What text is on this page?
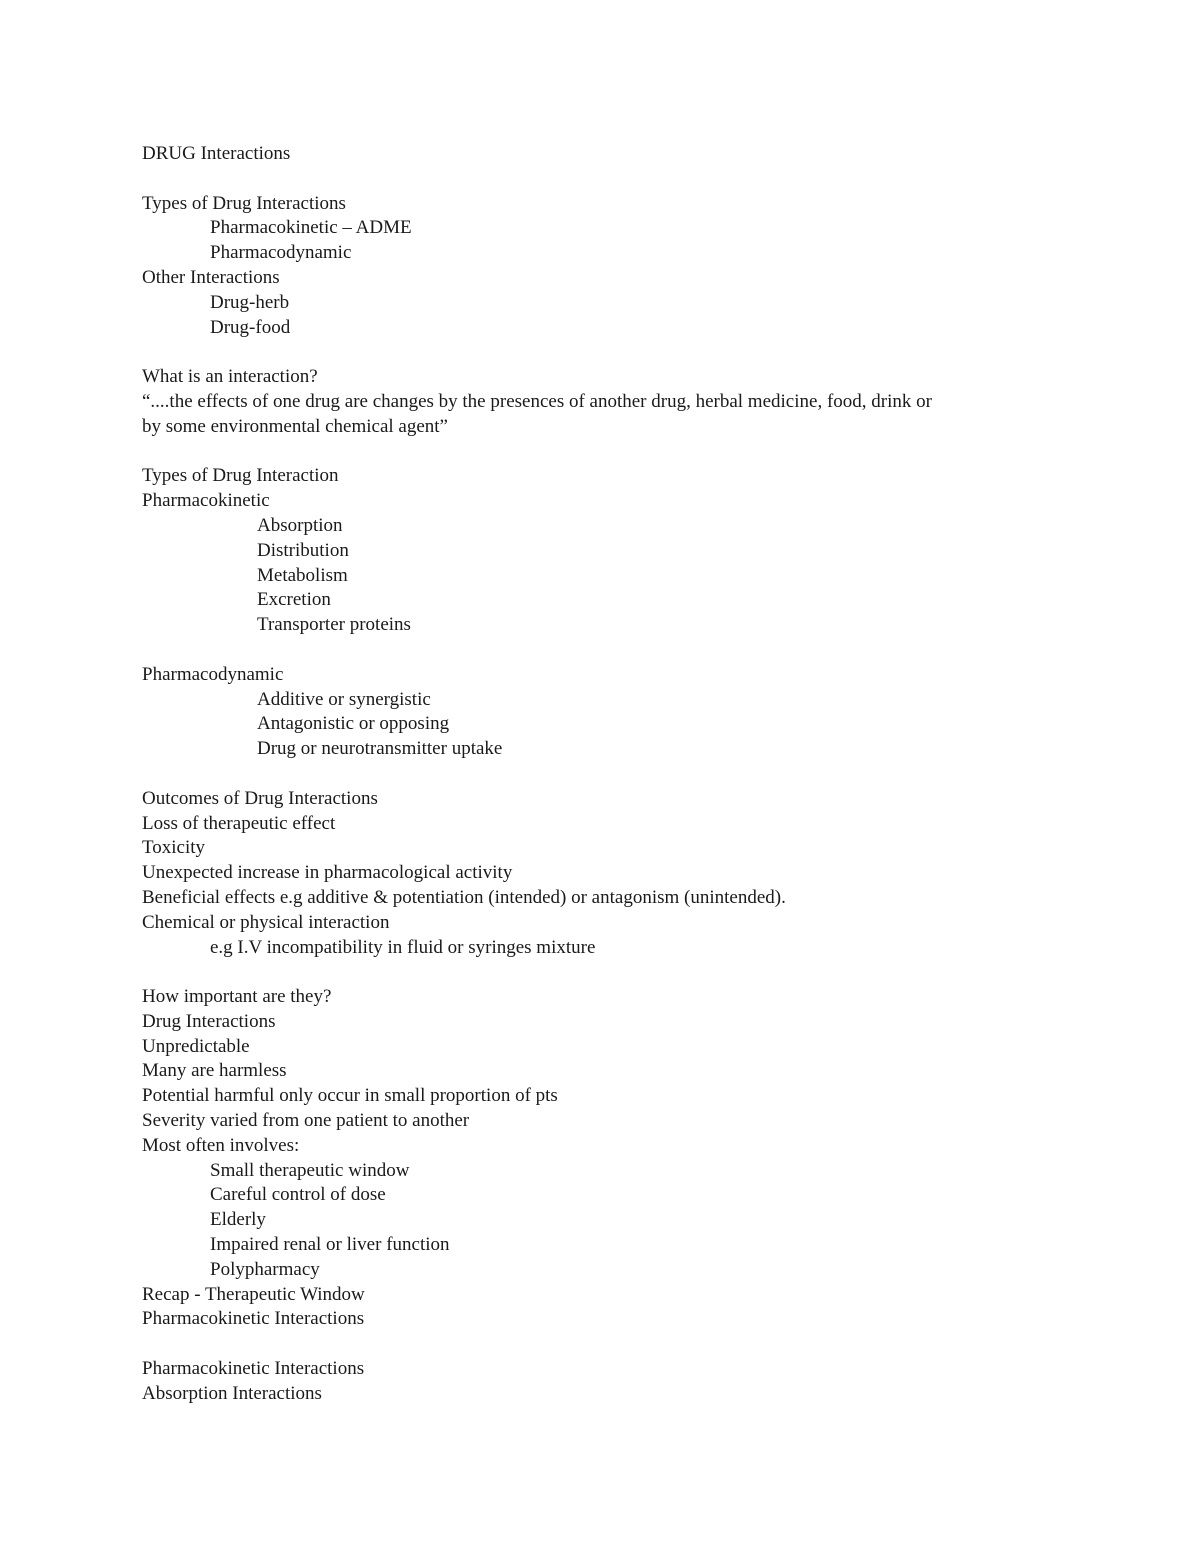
DRUG Interactions
Types of Drug Interactions
Pharmacokinetic – ADME
Pharmacodynamic
Other Interactions
Drug-herb
Drug-food
What is an interaction?
“....the effects of one drug are changes by the presences of another drug, herbal medicine, food, drink or
by some environmental chemical agent”
Types of Drug Interaction
Pharmacokinetic
Absorption
Distribution
Metabolism
Excretion
Transporter proteins
Pharmacodynamic
Additive or synergistic
Antagonistic or opposing
Drug or neurotransmitter uptake
Outcomes of Drug Interactions
Loss of therapeutic effect
Toxicity
Unexpected increase in pharmacological activity
Beneficial effects e.g additive & potentiation (intended) or antagonism (unintended).
Chemical or physical interaction
e.g I.V incompatibility in fluid or syringes mixture
How important are they?
Drug Interactions
Unpredictable
Many are harmless
Potential harmful only occur in small proportion of pts
Severity varied from one patient to another
Most often involves:
Small therapeutic window
Careful control of dose
Elderly
Impaired renal or liver function
Polypharmacy
Recap - Therapeutic Window
Pharmacokinetic Interactions
Pharmacokinetic Interactions
Absorption Interactions
